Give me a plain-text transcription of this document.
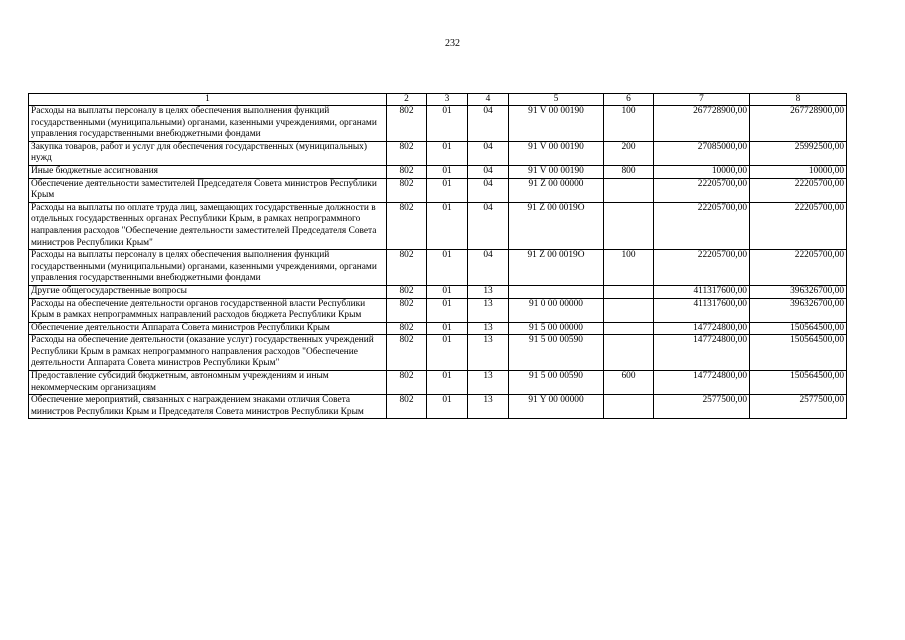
232
1	2	3	4	5	6	7	8
Расходы на выплаты персоналу в целях обеспечения выполнения функций государственными (муниципальными) органами, казенными учреждениями, органами управления государственными внебюджетными фондами	802	01	04	91 V 00 00190	100	267728900,00	267728900,00
Закупка товаров, работ и услуг для обеспечения государственных (муниципальных) нужд	802	01	04	91 V 00 00190	200	27085000,00	25992500,00
Иные бюджетные ассигнования	802	01	04	91 V 00 00190	800	10000,00	10000,00
Обеспечение деятельности заместителей Председателя Совета министров Республики Крым	802	01	04	91 Z 00 00000		22205700,00	22205700,00
Расходы на выплаты по оплате труда лиц, замещающих государственные должности в отдельных государственных органах Республики Крым, в рамках непрограммного направления расходов "Обеспечение деятельности заместителей Председателя Совета министров Республики Крым"	802	01	04	91 Z 00 0019O		22205700,00	22205700,00
Расходы на выплаты персоналу в целях обеспечения выполнения функций государственными (муниципальными) органами, казенными учреждениями, органами управления государственными внебюджетными фондами	802	01	04	91 Z 00 0019O	100	22205700,00	22205700,00
Другие общегосударственные вопросы	802	01	13			411317600,00	396326700,00
Расходы на обеспечение деятельности органов государственной власти Республики Крым в рамках непрограммных направлений расходов бюджета Республики Крым	802	01	13	91 0 00 00000		411317600,00	396326700,00
Обеспечение деятельности Аппарата Совета министров Республики Крым	802	01	13	91 5 00 00000		147724800,00	150564500,00
Расходы на обеспечение деятельности (оказание услуг) государственных учреждений Республики Крым в рамках непрограммного направления расходов "Обеспечение деятельности Аппарата Совета министров Республики Крым"	802	01	13	91 5 00 00590		147724800,00	150564500,00
Предоставление субсидий бюджетным, автономным учреждениям и иным некоммерческим организациям	802	01	13	91 5 00 00590	600	147724800,00	150564500,00
Обеспечение мероприятий, связанных с награждением знаками отличия Совета министров Республики Крым и Председателя Совета министров Республики Крым	802	01	13	91 Y 00 00000		2577500,00	2577500,00
